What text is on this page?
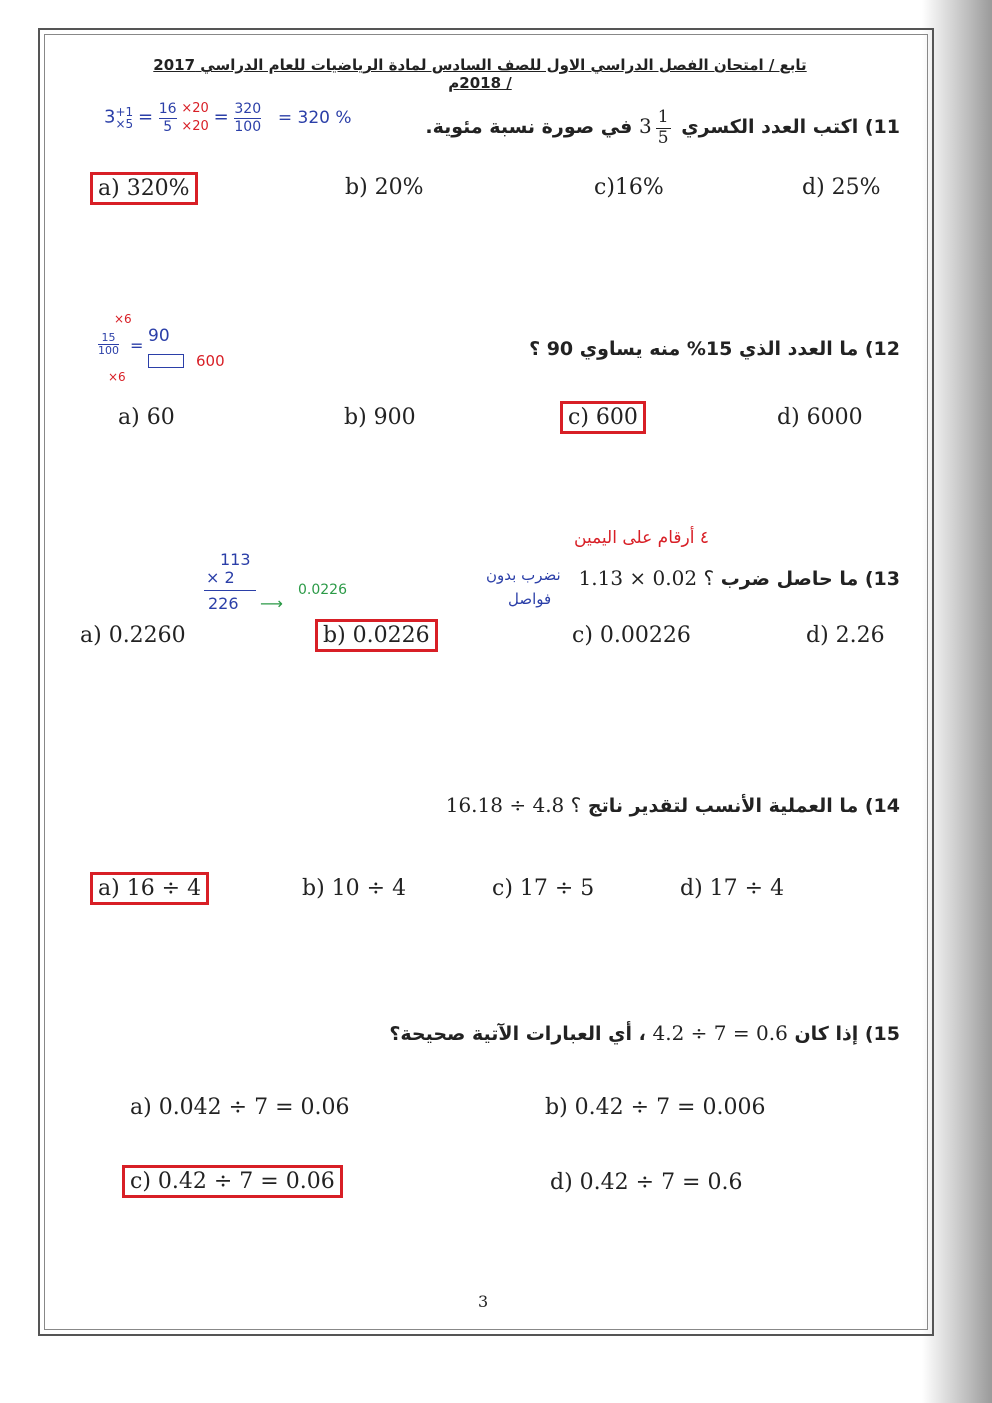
تابع / امتحان الفصل الدراسي الاول للصف السادس لمادة الرياضيات للعام الدراسي 2017 / 2018م
11) اكتب العدد الكسري $3 \frac{1}{5}$
في صورة نسبة مئوية.
3 +1
$\times 5 = \frac{16}{5}$
×20
$\times 20 = \frac{320}{100} = 320$ %
a) 320%	b) 20%	c)16%	d) 25%
12) ما العدد الذي 15% منه يساوي 90 ؟
×6
15
100 = 90
600
×6
a) 60	b) 900	c) 600	d) 6000
٤ أرقام على اليمين
13) ما حاصل ضرب 1.13 × 0.02 ؟
نضرب بدون
فواصل
113
× 2
226 ⟶
0.0226
a) 0.2260	b) 0.0226	c) 0.00226	d) 2.26
14) ما العملية الأنسب لتقدير ناتج 16.18 ÷ 4.8 ؟
a) 16 ÷ 4	b) 10 ÷ 4	c) 17 ÷ 5	d) 17 ÷ 4
15) إذا كان 4.2 ÷ 7 = 0.6 ، أي العبارات الآتية صحيحة؟
a) 0.042 ÷ 7 = 0.06	b) 0.42 ÷ 7 = 0.006
c) 0.42 ÷ 7 = 0.06	d) 0.42 ÷ 7 = 0.6
3
